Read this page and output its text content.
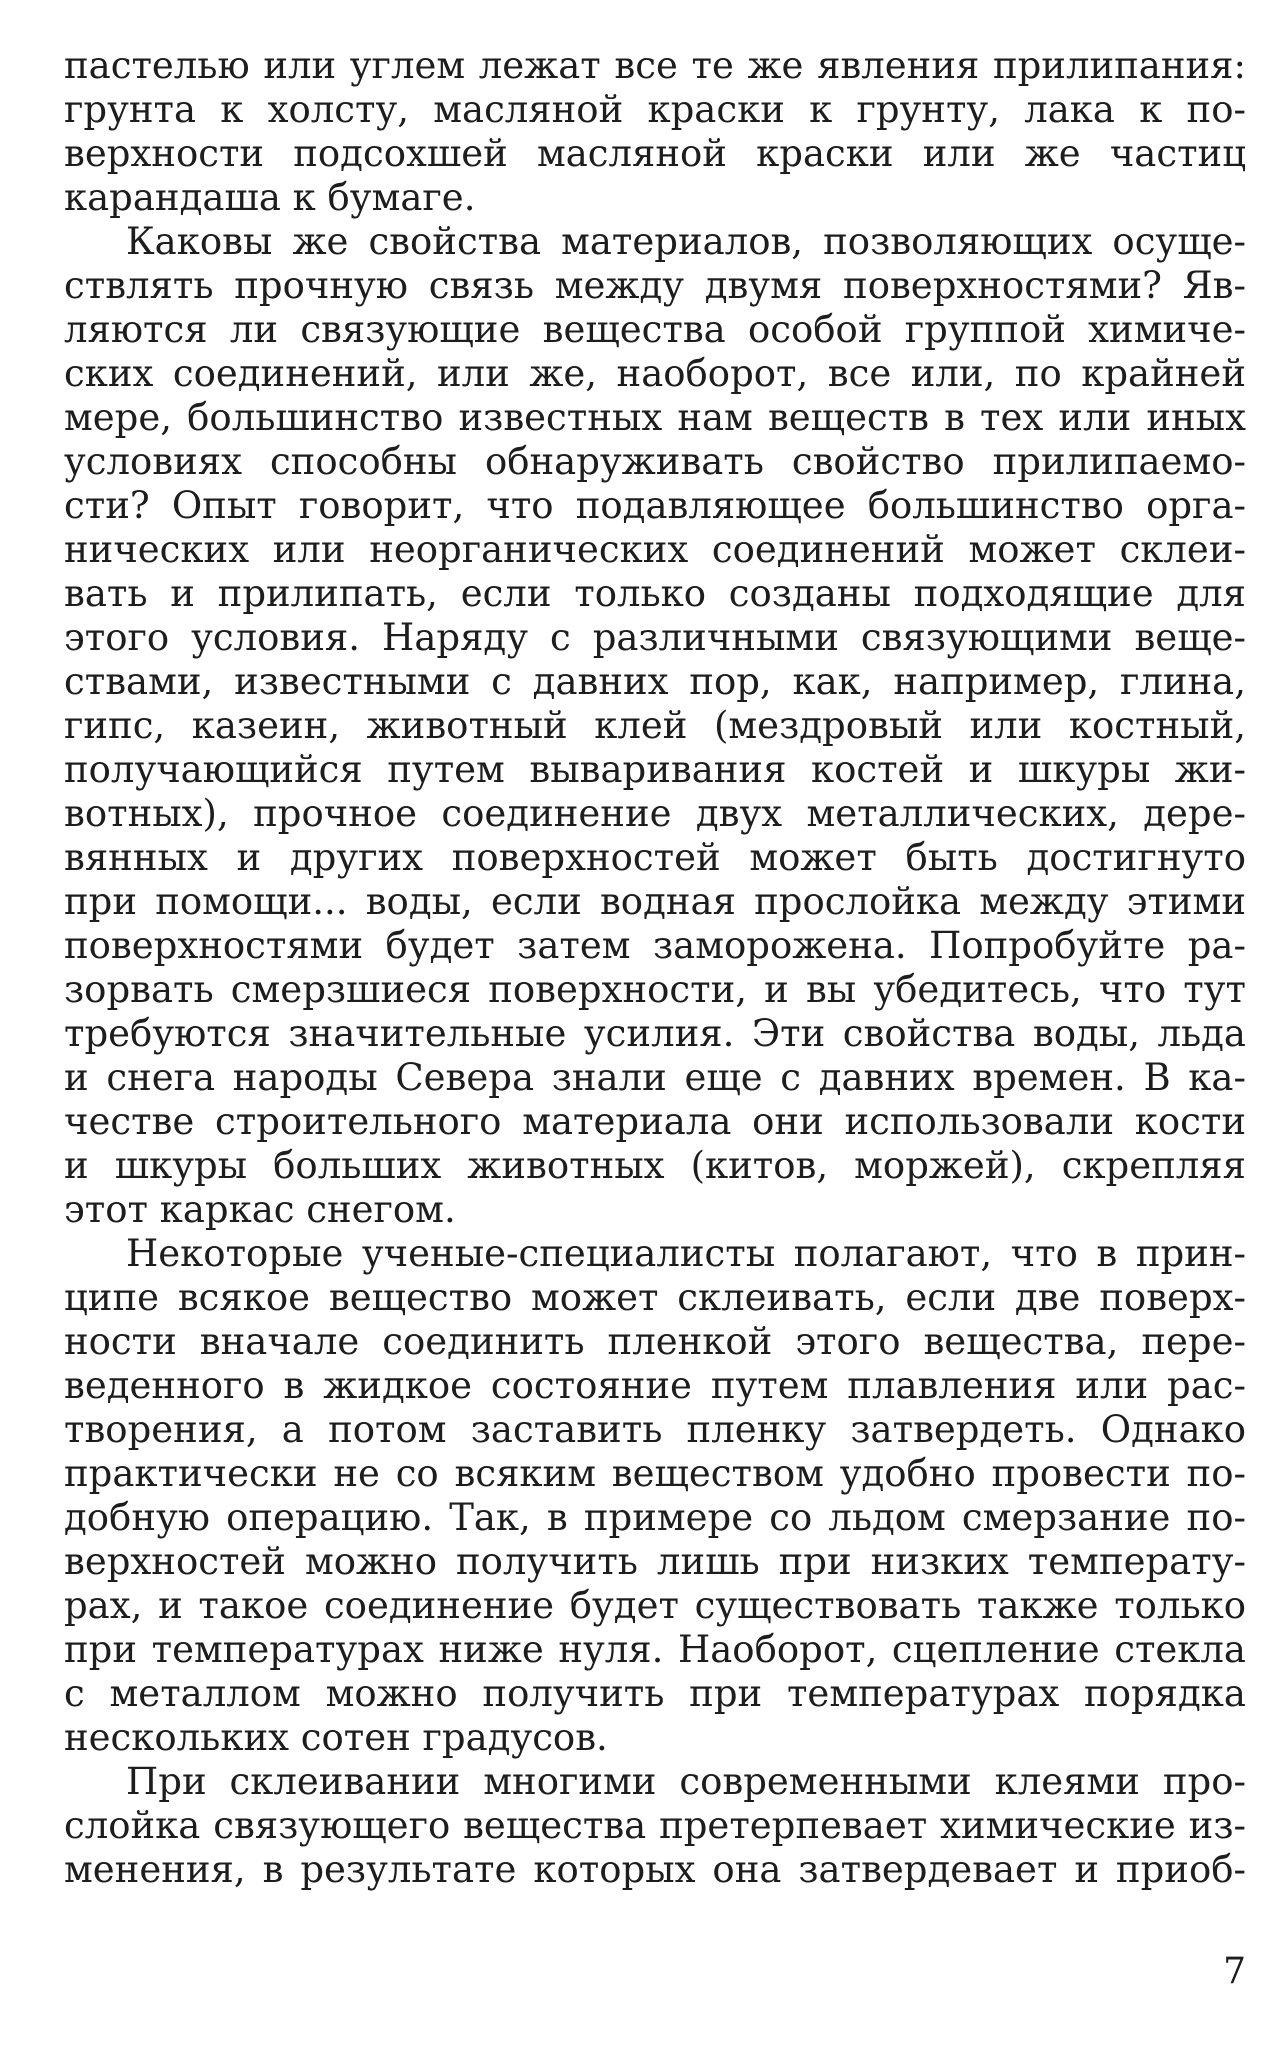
пастелью или углем лежат все те же явления прилипания:
грунта к холсту, масляной краски к грунту, лака к по-
верхности подсохшей масляной краски или же частиц
карандаша к бумаге.
Каковы же свойства материалов, позволяющих осуще-
ствлять прочную связь между двумя поверхностями? Яв-
ляются ли связующие вещества особой группой химиче-
ских соединений, или же, наоборот, все или, по крайней
мере, большинство известных нам веществ в тех или иных
условиях способны обнаруживать свойство прилипаемо-
сти? Опыт говорит, что подавляющее большинство орга-
нических или неорганических соединений может склеи-
вать и прилипать, если только созданы подходящие для
этого условия. Наряду с различными связующими веще-
ствами, известными с давних пор, как, например, глина,
гипс, казеин, животный клей (мездровый или костный,
получающийся путем вываривания костей и шкуры жи-
вотных), прочное соединение двух металлических, дере-
вянных и других поверхностей может быть достигнуто
при помощи... воды, если водная прослойка между этими
поверхностями будет затем заморожена. Попробуйте ра-
зорвать смерзшиеся поверхности, и вы убедитесь, что тут
требуются значительные усилия. Эти свойства воды, льда
и снега народы Севера знали еще с давних времен. В ка-
честве строительного материала они использовали кости
и шкуры больших животных (китов, моржей), скрепляя
этот каркас снегом.
Некоторые ученые-специалисты полагают, что в прин-
ципе всякое вещество может склеивать, если две поверх-
ности вначале соединить пленкой этого вещества, пере-
веденного в жидкое состояние путем плавления или рас-
творения, а потом заставить пленку затвердеть. Однако
практически не со всяким веществом удобно провести по-
добную операцию. Так, в примере со льдом смерзание по-
верхностей можно получить лишь при низких температу-
рах, и такое соединение будет существовать также только
при температурах ниже нуля. Наоборот, сцепление стекла
с металлом можно получить при температурах порядка
нескольких сотен градусов.
При склеивании многими современными клеями про-
слойка связующего вещества претерпевает химические из-
менения, в результате которых она затвердевает и приоб-
7
